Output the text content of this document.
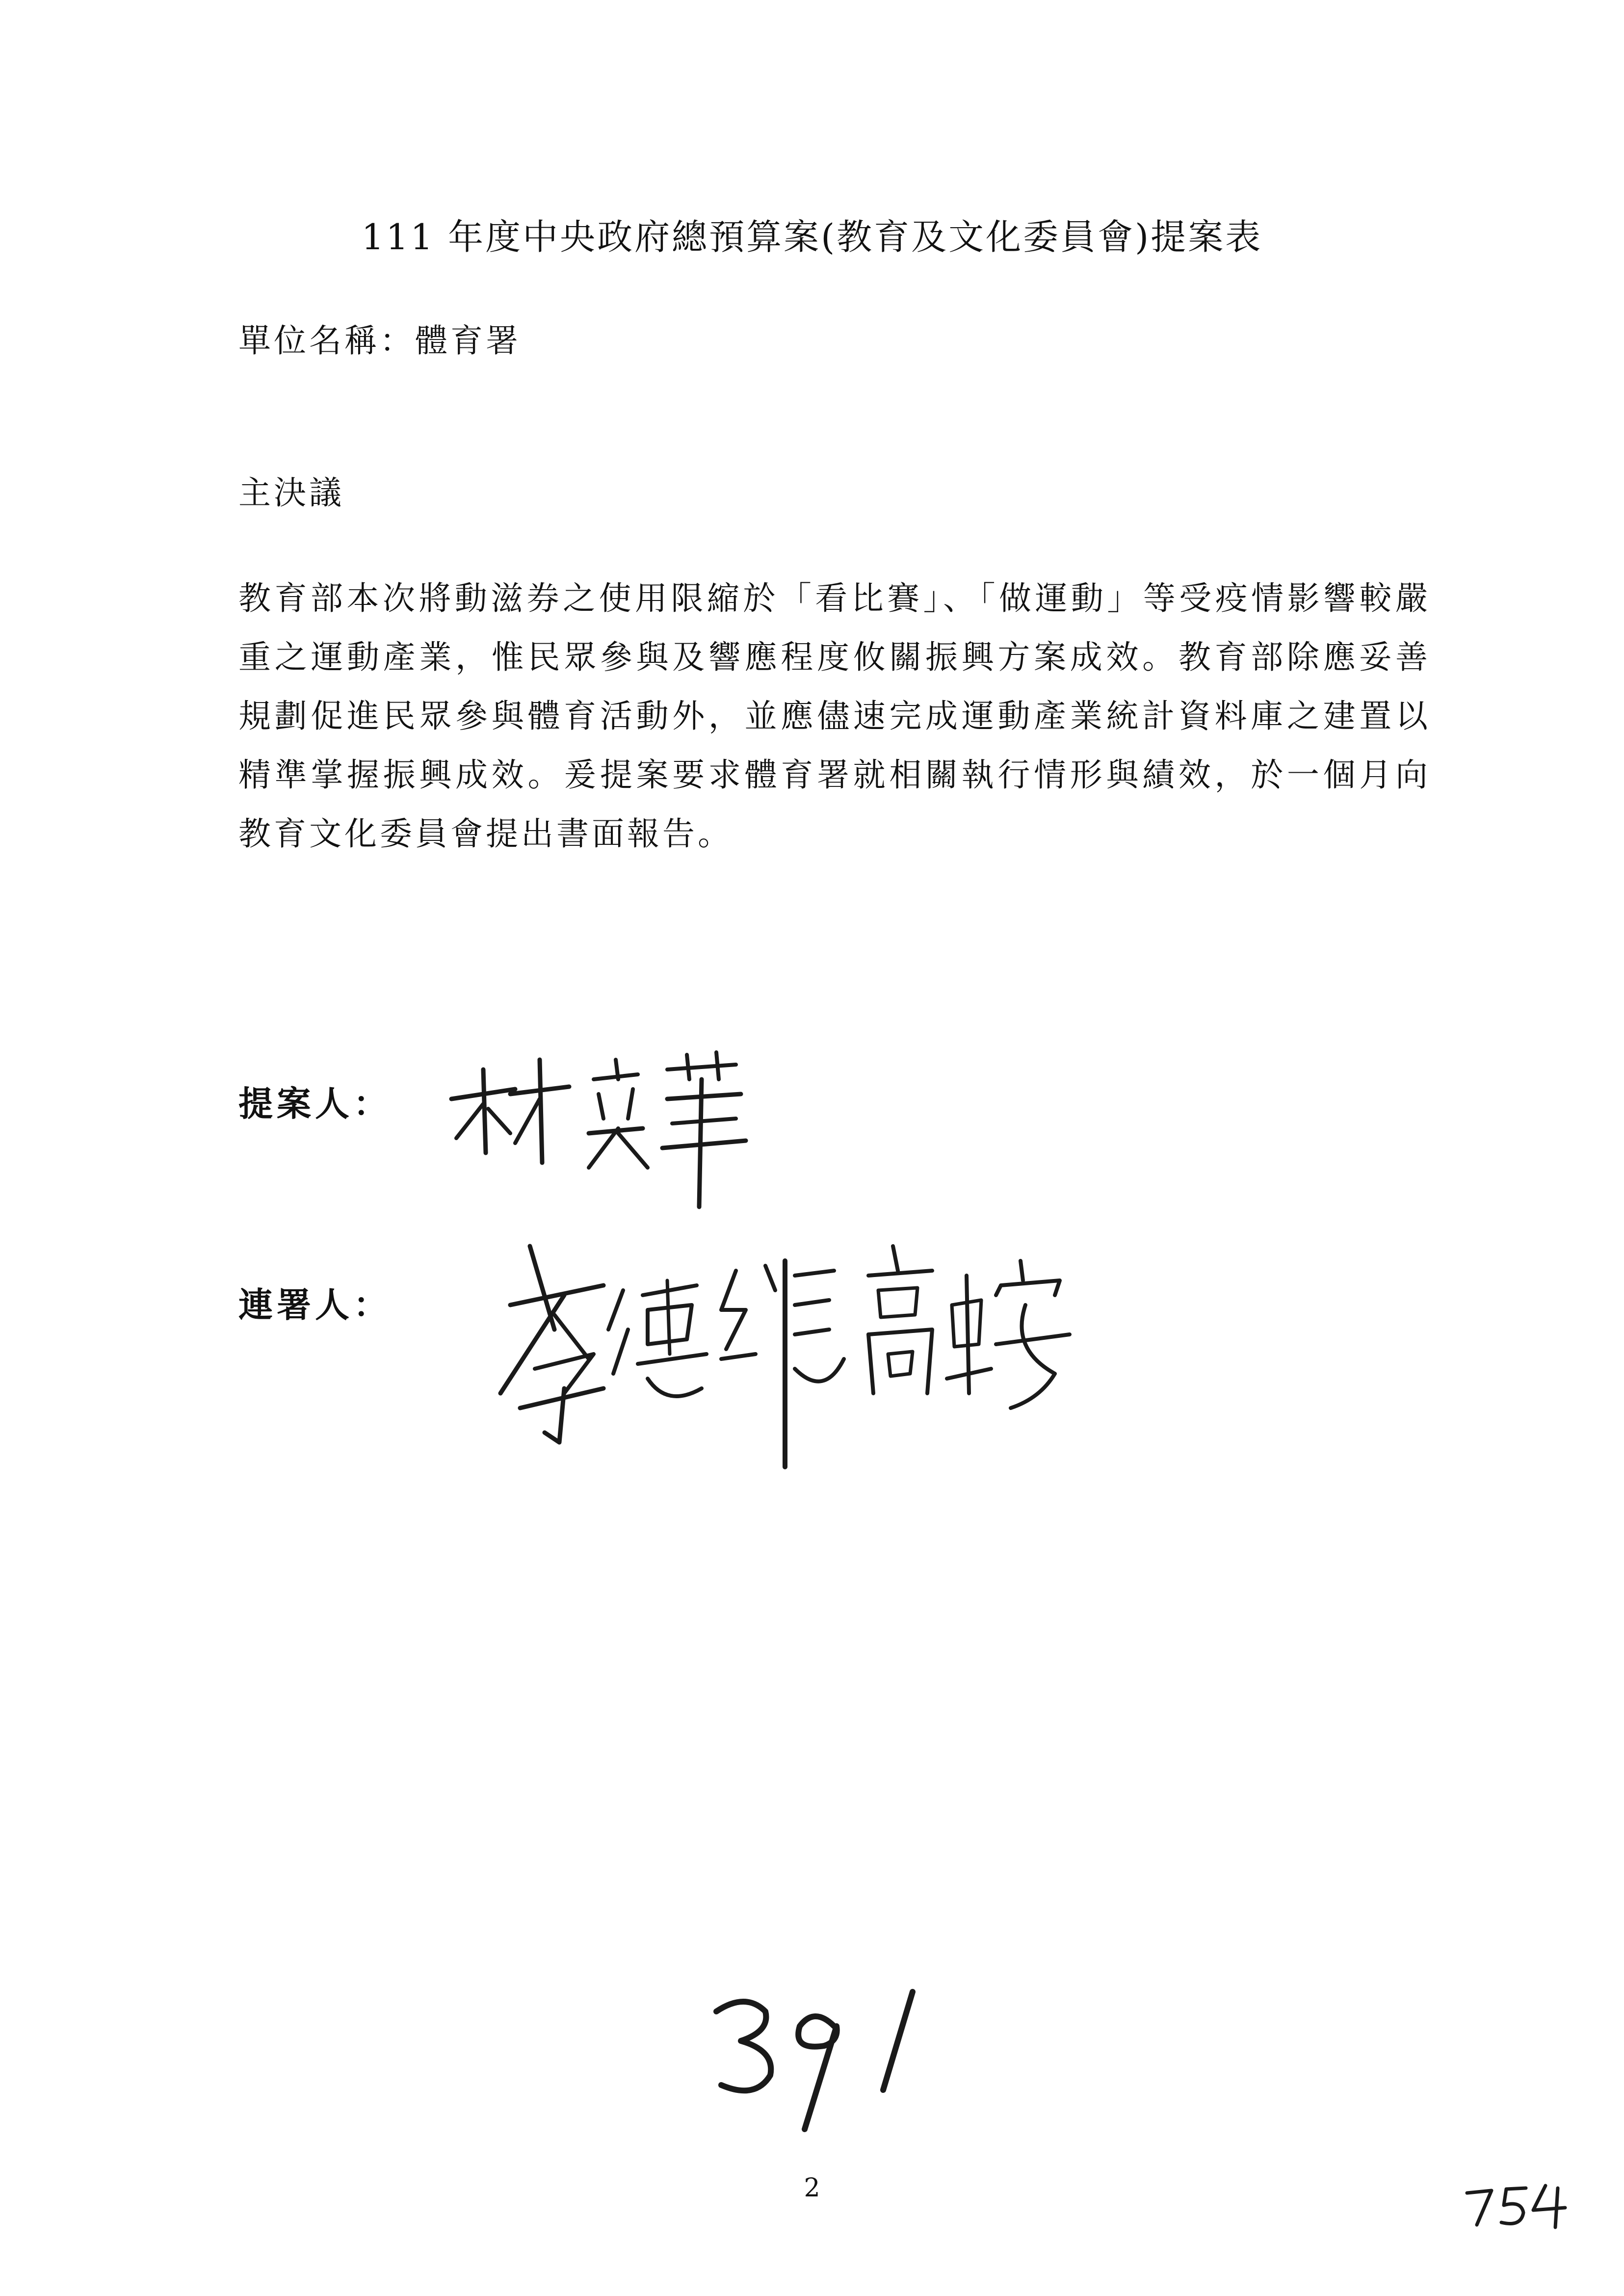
111 年度中央政府總預算案(教育及文化委員會)提案表
單位名稱：體育署
主決議
教育部本次將動滋券之使用限縮於「看比賽」、「做運動」等受疫情影響較嚴重之運動產業，惟民眾參與及響應程度攸關振興方案成效。教育部除應妥善規劃促進民眾參與體育活動外，並應儘速完成運動產業統計資料庫之建置以精準掌握振興成效。爰提案要求體育署就相關執行情形與績效，於一個月向教育文化委員會提出書面報告。
提案人：
連署人：
2
